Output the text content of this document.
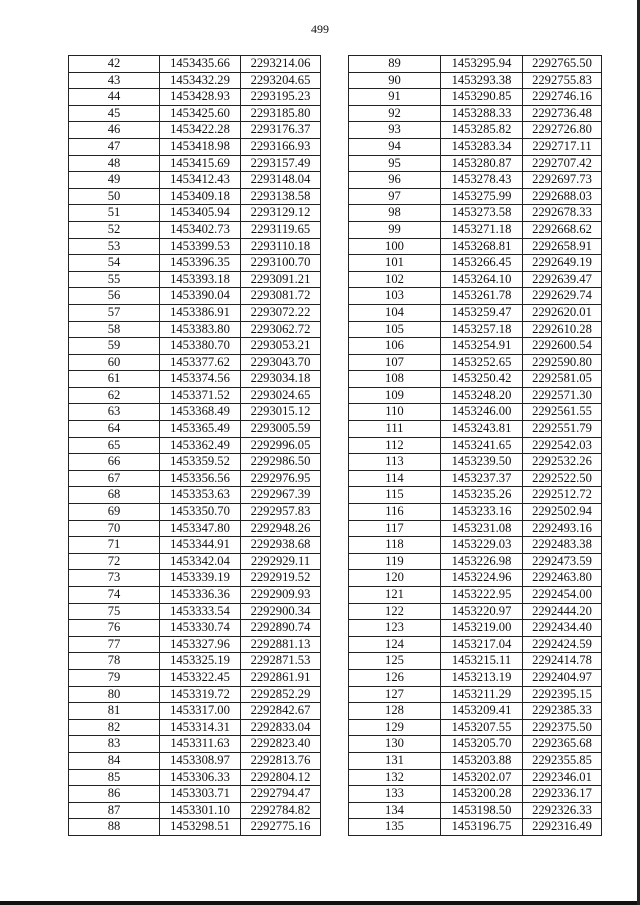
499
42	1453435.66	2293214.06
43	1453432.29	2293204.65
44	1453428.93	2293195.23
45	1453425.60	2293185.80
46	1453422.28	2293176.37
47	1453418.98	2293166.93
48	1453415.69	2293157.49
49	1453412.43	2293148.04
50	1453409.18	2293138.58
51	1453405.94	2293129.12
52	1453402.73	2293119.65
53	1453399.53	2293110.18
54	1453396.35	2293100.70
55	1453393.18	2293091.21
56	1453390.04	2293081.72
57	1453386.91	2293072.22
58	1453383.80	2293062.72
59	1453380.70	2293053.21
60	1453377.62	2293043.70
61	1453374.56	2293034.18
62	1453371.52	2293024.65
63	1453368.49	2293015.12
64	1453365.49	2293005.59
65	1453362.49	2292996.05
66	1453359.52	2292986.50
67	1453356.56	2292976.95
68	1453353.63	2292967.39
69	1453350.70	2292957.83
70	1453347.80	2292948.26
71	1453344.91	2292938.68
72	1453342.04	2292929.11
73	1453339.19	2292919.52
74	1453336.36	2292909.93
75	1453333.54	2292900.34
76	1453330.74	2292890.74
77	1453327.96	2292881.13
78	1453325.19	2292871.53
79	1453322.45	2292861.91
80	1453319.72	2292852.29
81	1453317.00	2292842.67
82	1453314.31	2292833.04
83	1453311.63	2292823.40
84	1453308.97	2292813.76
85	1453306.33	2292804.12
86	1453303.71	2292794.47
87	1453301.10	2292784.82
88	1453298.51	2292775.16
89	1453295.94	2292765.50
90	1453293.38	2292755.83
91	1453290.85	2292746.16
92	1453288.33	2292736.48
93	1453285.82	2292726.80
94	1453283.34	2292717.11
95	1453280.87	2292707.42
96	1453278.43	2292697.73
97	1453275.99	2292688.03
98	1453273.58	2292678.33
99	1453271.18	2292668.62
100	1453268.81	2292658.91
101	1453266.45	2292649.19
102	1453264.10	2292639.47
103	1453261.78	2292629.74
104	1453259.47	2292620.01
105	1453257.18	2292610.28
106	1453254.91	2292600.54
107	1453252.65	2292590.80
108	1453250.42	2292581.05
109	1453248.20	2292571.30
110	1453246.00	2292561.55
111	1453243.81	2292551.79
112	1453241.65	2292542.03
113	1453239.50	2292532.26
114	1453237.37	2292522.50
115	1453235.26	2292512.72
116	1453233.16	2292502.94
117	1453231.08	2292493.16
118	1453229.03	2292483.38
119	1453226.98	2292473.59
120	1453224.96	2292463.80
121	1453222.95	2292454.00
122	1453220.97	2292444.20
123	1453219.00	2292434.40
124	1453217.04	2292424.59
125	1453215.11	2292414.78
126	1453213.19	2292404.97
127	1453211.29	2292395.15
128	1453209.41	2292385.33
129	1453207.55	2292375.50
130	1453205.70	2292365.68
131	1453203.88	2292355.85
132	1453202.07	2292346.01
133	1453200.28	2292336.17
134	1453198.50	2292326.33
135	1453196.75	2292316.49
